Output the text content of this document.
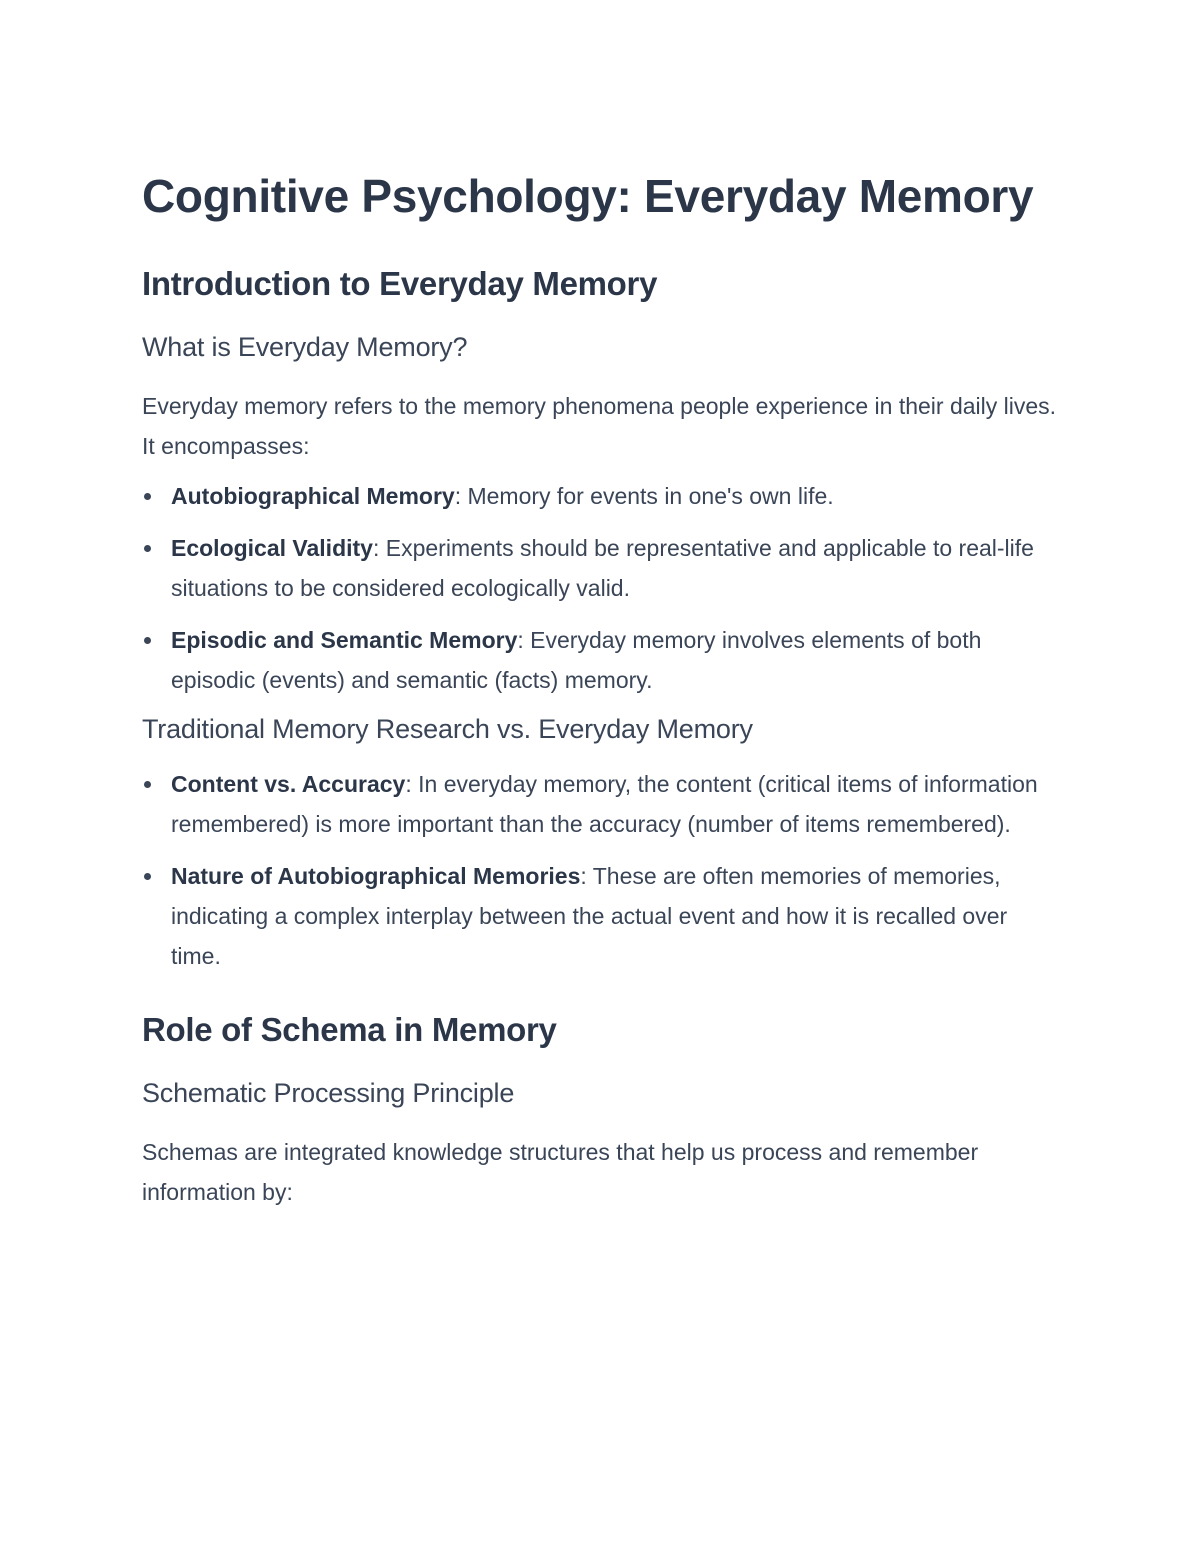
Cognitive Psychology: Everyday Memory
Introduction to Everyday Memory
What is Everyday Memory?

Everyday memory refers to the memory phenomena people experience in their daily lives. It encompasses:

Autobiographical Memory: Memory for events in one's own life.
Ecological Validity: Experiments should be representative and applicable to real-life situations to be considered ecologically valid.
Episodic and Semantic Memory: Everyday memory involves elements of both episodic (events) and semantic (facts) memory.
Traditional Memory Research vs. Everyday Memory
Content vs. Accuracy: In everyday memory, the content (critical items of information remembered) is more important than the accuracy (number of items remembered).
Nature of Autobiographical Memories: These are often memories of memories, indicating a complex interplay between the actual event and how it is recalled over time.
Role of Schema in Memory
Schematic Processing Principle

Schemas are integrated knowledge structures that help us process and remember information by:
